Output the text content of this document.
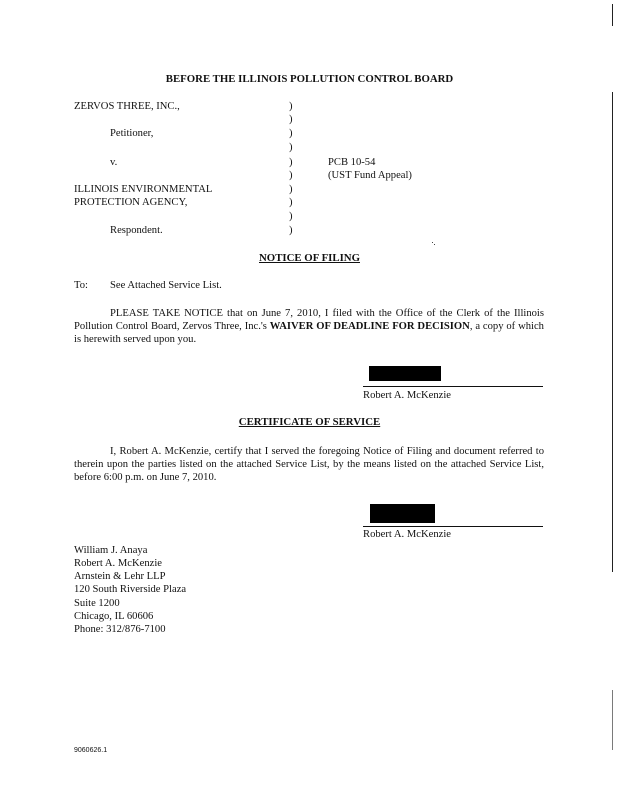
BEFORE THE ILLINOIS POLLUTION CONTROL BOARD
ZERVOS THREE, INC.,
Petitioner,
v.
ILLINOIS ENVIRONMENTAL
PROTECTION AGENCY,
Respondent.
)
)
)
)
)
)
)
)
)
)
PCB 10-54
(UST Fund Appeal)
NOTICE OF FILING
To: See Attached Service List.
PLEASE TAKE NOTICE that on June 7, 2010, I filed with the Office of the Clerk of the Illinois Pollution Control Board, Zervos Three, Inc.'s WAIVER OF DEADLINE FOR DECISION, a copy of which is herewith served upon you.
Robert A. McKenzie
CERTIFICATE OF SERVICE
I, Robert A. McKenzie, certify that I served the foregoing Notice of Filing and document referred to therein upon the parties listed on the attached Service List, by the means listed on the attached Service List, before 6:00 p.m. on June 7, 2010.
Robert A. McKenzie
William J. Anaya
Robert A. McKenzie
Arnstein & Lehr LLP
120 South Riverside Plaza
Suite 1200
Chicago, IL 60606
Phone: 312/876-7100
9060626.1
